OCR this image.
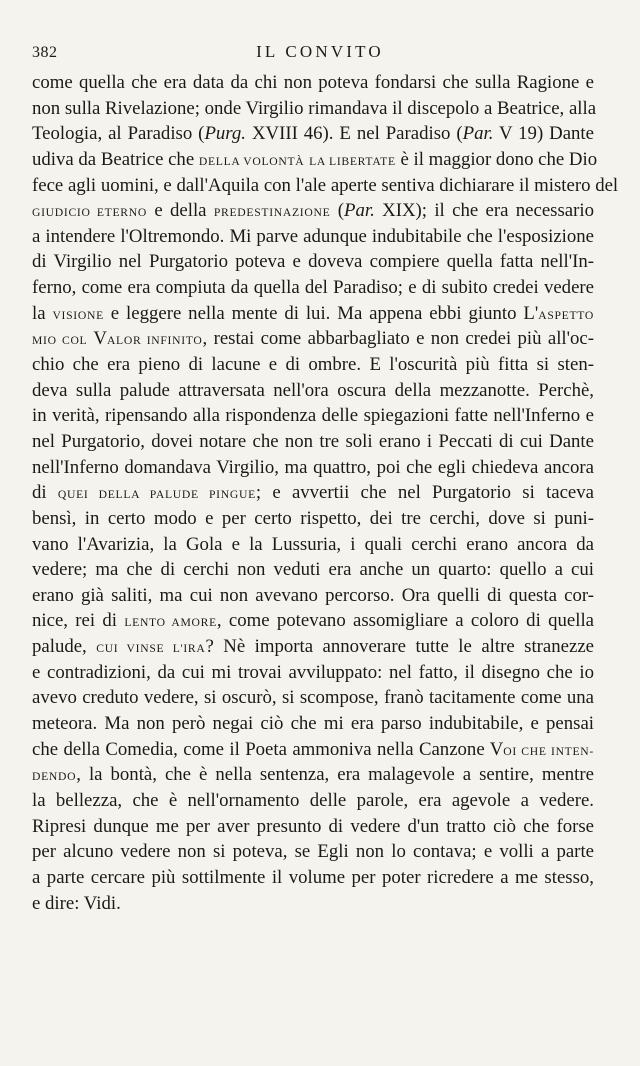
382	IL CONVITO
come quella che era data da chi non poteva fondarsi che sulla Ragione e
non sulla Rivelazione; onde Virgilio rimandava il discepolo a Beatrice, alla
Teologia, al Paradiso (Purg. XVIII 46). E nel Paradiso (Par. V 19) Dante
udiva da Beatrice che DELLA VOLONTÀ LA LIBERTATE è il maggior dono che Dio
fece agli uomini, e dall'Aquila con l'ale aperte sentiva dichiarare il mistero del
GIUDICIO ETERNO e della PREDESTINAZIONE (Par. XIX); il che era necessario
a intendere l'Oltremondo. Mi parve adunque indubitabile che l'esposizione
di Virgilio nel Purgatorio poteva e doveva compiere quella fatta nell'In-
ferno, come era compiuta da quella del Paradiso; e di subito credei vedere
la VISIONE e leggere nella mente di lui. Ma appena ebbi giunto L'ASPETTO
MIO COL VALOR INFINITO, restai come abbarbagliato e non credei più all'oc-
chio che era pieno di lacune e di ombre. E l'oscurità più fitta si sten-
deva sulla palude attraversata nell'ora oscura della mezzanotte. Perchè,
in verità, ripensando alla rispondenza delle spiegazioni fatte nell'Inferno e
nel Purgatorio, dovei notare che non tre soli erano i Peccati di cui Dante
nell'Inferno domandava Virgilio, ma quattro, poi che egli chiedeva ancora
di QUEI DELLA PALUDE PINGUE; e avvertii che nel Purgatorio si taceva
bensì, in certo modo e per certo rispetto, dei tre cerchi, dove si puni-
vano l'Avarizia, la Gola e la Lussuria, i quali cerchi erano ancora da
vedere; ma che di cerchi non veduti era anche un quarto: quello a cui
erano già saliti, ma cui non avevano percorso. Ora quelli di questa cor-
nice, rei di LENTO AMORE, come potevano assomigliare a coloro di quella
palude, CUI VINSE L'IRA? Nè importa annoverare tutte le altre stranezze
e contradizioni, da cui mi trovai avviluppato: nel fatto, il disegno che io
avevo creduto vedere, si oscurò, si scompose, franò tacitamente come una
meteora. Ma non però negai ciò che mi era parso indubitabile, e pensai
che della Comedia, come il Poeta ammoniva nella Canzone VOI CHE INTEN-
DENDO, la bontà, che è nella sentenza, era malagevole a sentire, mentre
la bellezza, che è nell'ornamento delle parole, era agevole a vedere.
Ripresi dunque me per aver presunto di vedere d'un tratto ciò che forse
per alcuno vedere non si poteva, se Egli non lo contava; e volli a parte
a parte cercare più sottilmente il volume per poter ricredere a me stesso,
e dire: Vidi.
